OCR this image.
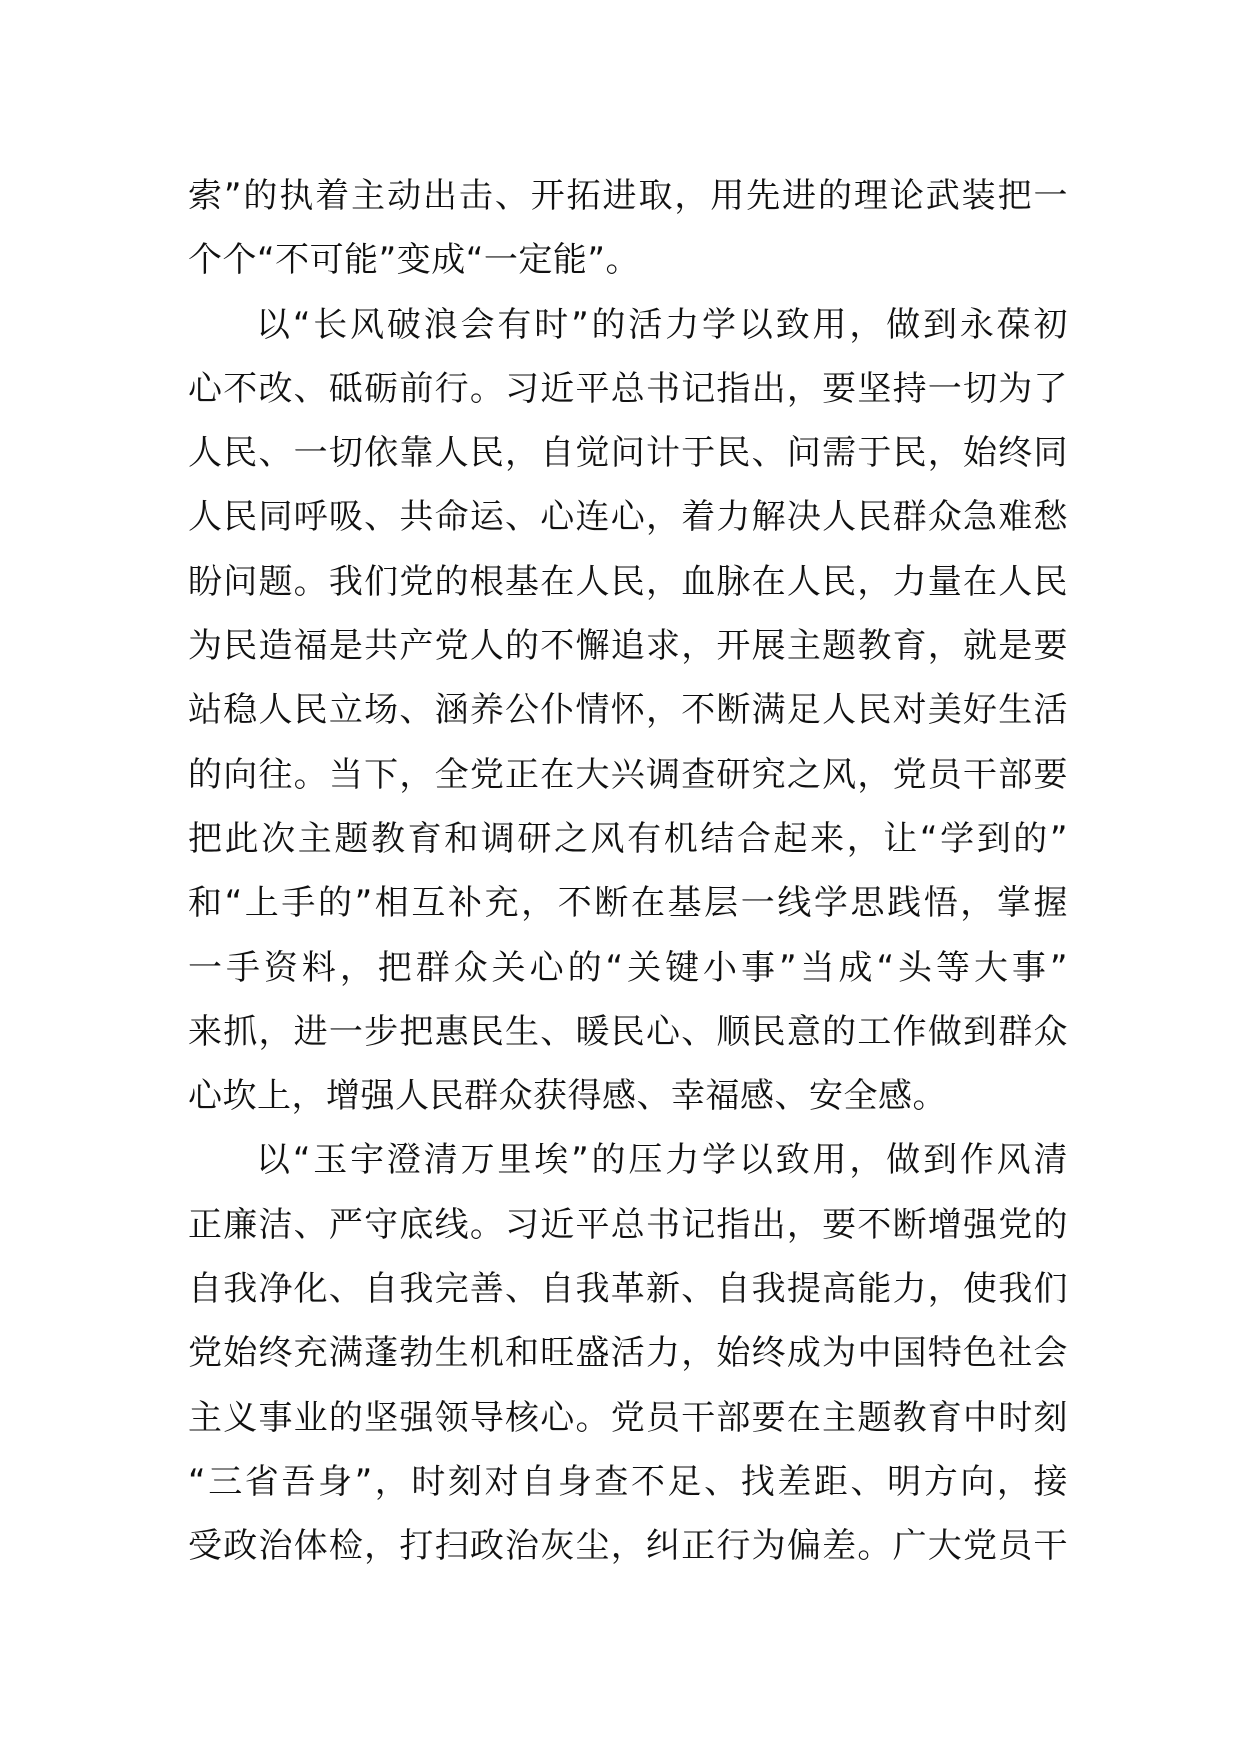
索”的执着主动出击、开拓进取，用先进的理论武装把一
个个“不可能”变成“一定能”。
以“长风破浪会有时”的活力学以致用，做到永葆初
心不改、砥砺前行。习近平总书记指出，要坚持一切为了
人民、一切依靠人民，自觉问计于民、问需于民，始终同
人民同呼吸、共命运、心连心，着力解决人民群众急难愁
盼问题。我们党的根基在人民，血脉在人民，力量在人民
为民造福是共产党人的不懈追求，开展主题教育，就是要
站稳人民立场、涵养公仆情怀，不断满足人民对美好生活
的向往。当下，全党正在大兴调查研究之风，党员干部要
把此次主题教育和调研之风有机结合起来，让“学到的”
和“上手的”相互补充，不断在基层一线学思践悟，掌握
一手资料，把群众关心的“关键小事”当成“头等大事”
来抓，进一步把惠民生、暖民心、顺民意的工作做到群众
心坎上，增强人民群众获得感、幸福感、安全感。
以“玉宇澄清万里埃”的压力学以致用，做到作风清
正廉洁、严守底线。习近平总书记指出，要不断增强党的
自我净化、自我完善、自我革新、自我提高能力，使我们
党始终充满蓬勃生机和旺盛活力，始终成为中国特色社会
主义事业的坚强领导核心。党员干部要在主题教育中时刻
“三省吾身”，时刻对自身查不足、找差距、明方向，接
受政治体检，打扫政治灰尘，纠正行为偏差。广大党员干
